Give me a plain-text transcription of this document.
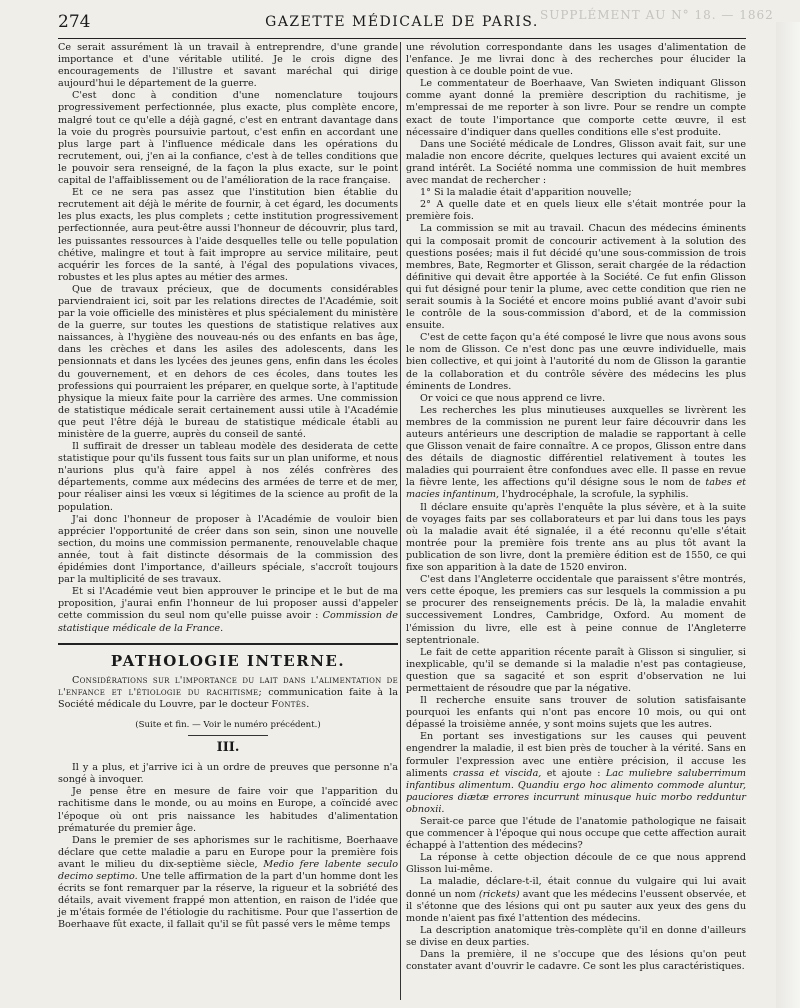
274	GAZETTE MÉDICALE DE PARIS. SUPPLÉMENT AU N° 18. — 1862

Ce serait assurément là un travail à entreprendre, d'une grande importance et d'une véritable utilité. Je le crois digne des encouragements de l'illustre et savant maréchal qui dirige aujourd'hui le département de la guerre.

C'est donc à condition d'une nomenclature toujours progressivement perfectionnée, plus exacte, plus complète encore, malgré tout ce qu'elle a déjà gagné, c'est en entrant davantage dans la voie du progrès poursuivie partout, c'est enfin en accordant une plus large part à l'influence médicale dans les opérations du recrutement, oui, j'en ai la confiance, c'est à de telles conditions que le pouvoir sera renseigné, de la façon la plus exacte, sur le point capital de l'affaiblissement ou de l'amélioration de la race française.

Et ce ne sera pas assez que l'institution bien établie du recrutement ait déjà le mérite de fournir, à cet égard, les documents les plus exacts, les plus complets ; cette institution progressivement perfectionnée, aura peut-être aussi l'honneur de découvrir, plus tard, les puissantes ressources à l'aide desquelles telle ou telle population chétive, malingre et tout à fait impropre au service militaire, peut acquérir les forces de la santé, à l'égal des populations vivaces, robustes et les plus aptes au métier des armes.

Que de travaux précieux, que de documents considérables parviendraient ici, soit par les relations directes de l'Académie, soit par la voie officielle des ministères et plus spécialement du ministère de la guerre, sur toutes les questions de statistique relatives aux naissances, à l'hygiène des nouveau-nés ou des enfants en bas âge, dans les crèches et dans les asiles des adolescents, dans les pensionnats et dans les lycées des jeunes gens, enfin dans les écoles du gouvernement, et en dehors de ces écoles, dans toutes les professions qui pourraient les préparer, en quelque sorte, à l'aptitude physique la mieux faite pour la carrière des armes. Une commission de statistique médicale serait certainement aussi utile à l'Académie que peut l'être déjà le bureau de statistique médicale établi au ministère de la guerre, auprès du conseil de santé.

Il suffirait de dresser un tableau modèle des desiderata de cette statistique pour qu'ils fussent tous faits sur un plan uniforme, et nous n'aurions plus qu'à faire appel à nos zélés confrères des départements, comme aux médecins des armées de terre et de mer, pour réaliser ainsi les vœux si légitimes de la science au profit de la population.

J'ai donc l'honneur de proposer à l'Académie de vouloir bien apprécier l'opportunité de créer dans son sein, sinon une nouvelle section, du moins une commission permanente, renouvelable chaque année, tout à fait distincte désormais de la commission des épidémies dont l'importance, d'ailleurs spéciale, s'accroît toujours par la multiplicité de ses travaux.

Et si l'Académie veut bien approuver le principe et le but de ma proposition, j'aurai enfin l'honneur de lui proposer aussi d'appeler cette commission du seul nom qu'elle puisse avoir : Commission de statistique médicale de la France.

PATHOLOGIE INTERNE.
Considérations sur l'importance du lait dans l'alimentation de l'enfance et l'étiologie du rachitisme; communication faite à la Société médicale du Louvre, par le docteur Fontès.
(Suite et fin. — Voir le numéro précédent.)
III.

Il y a plus, et j'arrive ici à un ordre de preuves que personne n'a songé à invoquer.

Je pense être en mesure de faire voir que l'apparition du rachitisme dans le monde, ou au moins en Europe, a coïncidé avec l'époque où ont pris naissance les habitudes d'alimentation prématurée du premier âge.

Dans le premier de ses aphorismes sur le rachitisme, Boerhaave déclare que cette maladie a paru en Europe pour la première fois avant le milieu du dix-septième siècle, Medio fere labente seculo decimo septimo. Une telle affirmation de la part d'un homme dont les écrits se font remarquer par la réserve, la rigueur et la sobriété des détails, avait vivement frappé mon attention, en raison de l'idée que je m'étais formée de l'étiologie du rachitisme. Pour que l'assertion de Boerhaave fût exacte, il fallait qu'il se fût passé vers le même temps

une révolution correspondante dans les usages d'alimentation de l'enfance. Je me livrai donc à des recherches pour élucider la question à ce double point de vue.

Le commentateur de Boerhaave, Van Swieten indiquant Glisson comme ayant donné la première description du rachitisme, je m'empressai de me reporter à son livre. Pour se rendre un compte exact de toute l'importance que comporte cette œuvre, il est nécessaire d'indiquer dans quelles conditions elle s'est produite.

Dans une Société médicale de Londres, Glisson avait fait, sur une maladie non encore décrite, quelques lectures qui avaient excité un grand intérêt. La Société nomma une commission de huit membres avec mandat de rechercher :

1° Si la maladie était d'apparition nouvelle;

2° A quelle date et en quels lieux elle s'était montrée pour la première fois.

La commission se mit au travail. Chacun des médecins éminents qui la composait promit de concourir activement à la solution des questions posées; mais il fut décidé qu'une sous-commission de trois membres, Bate, Regmorter et Glisson, serait chargée de la rédaction définitive qui devait être apportée à la Société. Ce fut enfin Glisson qui fut désigné pour tenir la plume, avec cette condition que rien ne serait soumis à la Société et encore moins publié avant d'avoir subi le contrôle de la sous-commission d'abord, et de la commission ensuite.

C'est de cette façon qu'a été composé le livre que nous avons sous le nom de Glisson. Ce n'est donc pas une œuvre individuelle, mais bien collective, et qui joint à l'autorité du nom de Glisson la garantie de la collaboration et du contrôle sévère des médecins les plus éminents de Londres.

Or voici ce que nous apprend ce livre.

Les recherches les plus minutieuses auxquelles se livrèrent les membres de la commission ne purent leur faire découvrir dans les auteurs antérieurs une description de maladie se rapportant à celle que Glisson venait de faire connaître. A ce propos, Glisson entre dans des détails de diagnostic différentiel relativement à toutes les maladies qui pourraient être confondues avec elle. Il passe en revue la fièvre lente, les affections qu'il désigne sous le nom de tabes et macies infantinum, l'hydrocéphale, la scrofule, la syphilis.

Il déclare ensuite qu'après l'enquête la plus sévère, et à la suite de voyages faits par ses collaborateurs et par lui dans tous les pays où la maladie avait été signalée, il a été reconnu qu'elle s'était montrée pour la première fois trente ans au plus tôt avant la publication de son livre, dont la première édition est de 1550, ce qui fixe son apparition à la date de 1520 environ.

C'est dans l'Angleterre occidentale que paraissent s'être montrés, vers cette époque, les premiers cas sur lesquels la commission a pu se procurer des renseignements précis. De là, la maladie envahit successivement Londres, Cambridge, Oxford. Au moment de l'émission du livre, elle est à peine connue de l'Angleterre septentrionale.

Le fait de cette apparition récente paraît à Glisson si singulier, si inexplicable, qu'il se demande si la maladie n'est pas contagieuse, question que sa sagacité et son esprit d'observation ne lui permettaient de résoudre que par la négative.

Il recherche ensuite sans trouver de solution satisfaisante pourquoi les enfants qui n'ont pas encore 10 mois, ou qui ont dépassé la troisième année, y sont moins sujets que les autres.

En portant ses investigations sur les causes qui peuvent engendrer la maladie, il est bien près de toucher à la vérité. Sans en formuler l'expression avec une entière précision, il accuse les aliments crassa et viscida, et ajoute : Lac muliebre saluberrimum infantibus alimentum. Quandiu ergo hoc alimento commode aluntur, pauciores diætæ errores incurrunt minusque huic morbo redduntur obnoxii.

Serait-ce parce que l'étude de l'anatomie pathologique ne faisait que commencer à l'époque qui nous occupe que cette affection aurait échappé à l'attention des médecins?

La réponse à cette objection découle de ce que nous apprend Glisson lui-même.

La maladie, déclare-t-il, était connue du vulgaire qui lui avait donné un nom (rickets) avant que les médecins l'eussent observée, et il s'étonne que des lésions qui ont pu sauter aux yeux des gens du monde n'aient pas fixé l'attention des médecins.

La description anatomique très-complète qu'il en donne d'ailleurs se divise en deux parties.

Dans la première, il ne s'occupe que des lésions qu'on peut constater avant d'ouvrir le cadavre. Ce sont les plus caractéristiques.
